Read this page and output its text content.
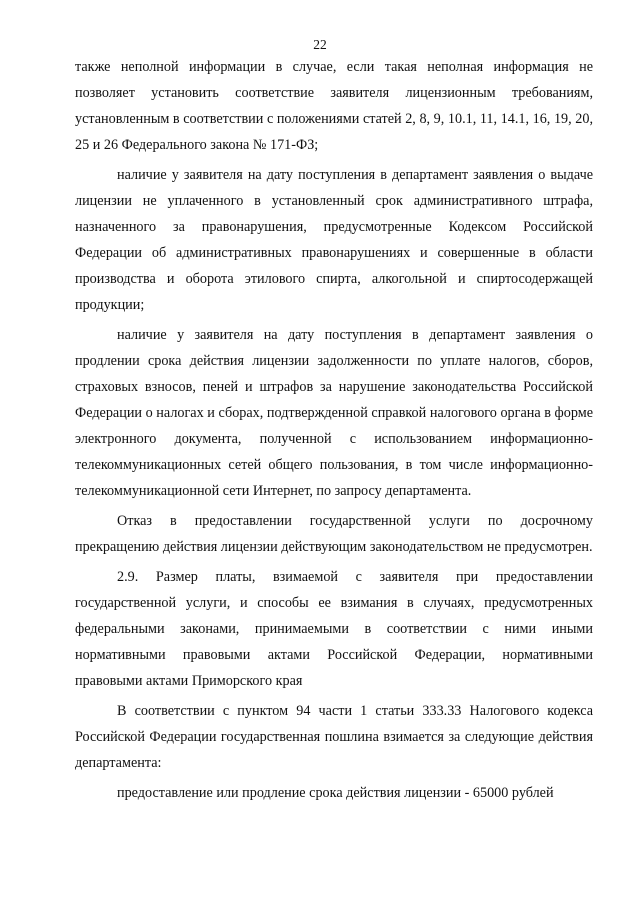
22

также неполной информации в случае, если такая неполная информация не позволяет установить соответствие заявителя лицензионным требованиям, установленным в соответствии с положениями статей 2, 8, 9, 10.1, 11, 14.1, 16, 19, 20, 25 и 26 Федерального закона № 171-ФЗ;

наличие у заявителя на дату поступления в департамент заявления о выдаче лицензии не уплаченного в установленный срок административного штрафа, назначенного за правонарушения, предусмотренные Кодексом Российской Федерации об административных правонарушениях и совершенные в области производства и оборота этилового спирта, алкогольной и спиртосодержащей продукции;

наличие у заявителя на дату поступления в департамент заявления о продлении срока действия лицензии задолженности по уплате налогов, сборов, страховых взносов, пеней и штрафов за нарушение законодательства Российской Федерации о налогах и сборах, подтвержденной справкой налогового органа в форме электронного документа, полученной с использованием информационно-телекоммуникационных сетей общего пользования, в том числе информационно-телекоммуникационной сети Интернет, по запросу департамента.

Отказ в предоставлении государственной услуги по досрочному прекращению действия лицензии действующим законодательством не предусмотрен.

2.9. Размер платы, взимаемой с заявителя при предоставлении государственной услуги, и способы ее взимания в случаях, предусмотренных федеральными законами, принимаемыми в соответствии с ними иными нормативными правовыми актами Российской Федерации, нормативными правовыми актами Приморского края

В соответствии с пунктом 94 части 1 статьи 333.33 Налогового кодекса Российской Федерации государственная пошлина взимается за следующие действия департамента:

предоставление или продление срока действия лицензии - 65000 рублей
